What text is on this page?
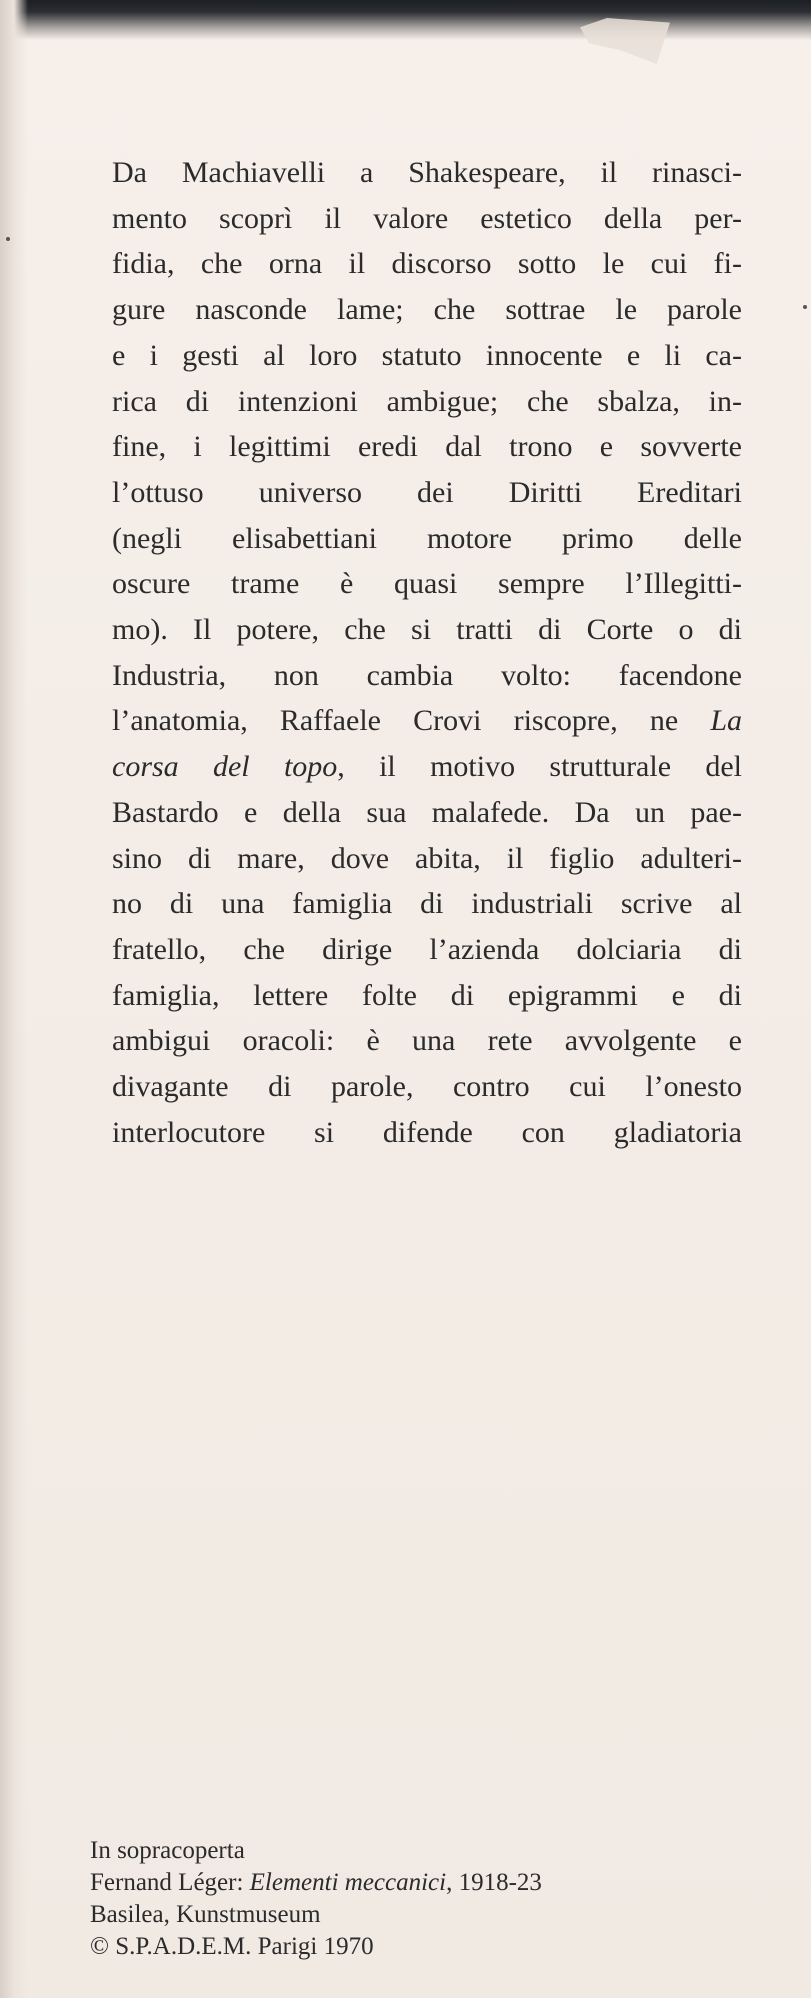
Da Machiavelli a Shakespeare, il rinasci-
mento scoprì il valore estetico della per-
fidia, che orna il discorso sotto le cui fi-
gure nasconde lame; che sottrae le parole
e i gesti al loro statuto innocente e li ca-
rica di intenzioni ambigue; che sbalza, in-
fine, i legittimi eredi dal trono e sovverte
l’ottuso universo dei Diritti Ereditari
(negli elisabettiani motore primo delle
oscure trame è quasi sempre l’Illegitti-
mo). Il potere, che si tratti di Corte o di
Industria, non cambia volto: facendone
l’anatomia, Raffaele Crovi riscopre, ne La
corsa del topo, il motivo strutturale del
Bastardo e della sua malafede. Da un pae-
sino di mare, dove abita, il figlio adulteri-
no di una famiglia di industriali scrive al
fratello, che dirige l’azienda dolciaria di
famiglia, lettere folte di epigrammi e di
ambigui oracoli: è una rete avvolgente e
divagante di parole, contro cui l’onesto
interlocutore si difende con gladiatoria
In sopracoperta
Fernand Léger: Elementi meccanici, 1918-23
Basilea, Kunstmuseum
© S.P.A.D.E.M. Parigi 1970
